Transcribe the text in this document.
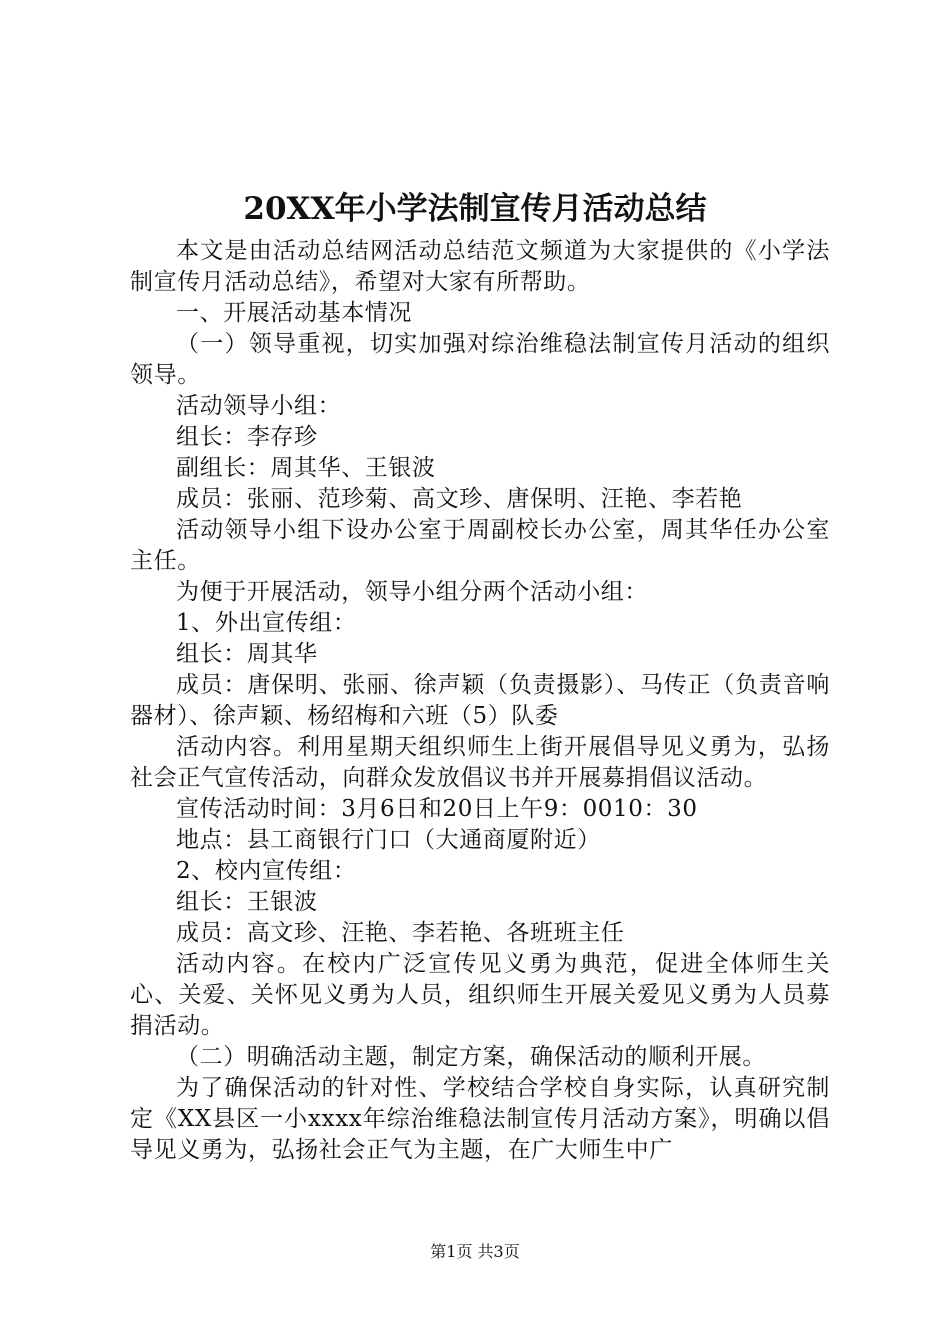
20XX年小学法制宣传月活动总结

本文是由活动总结网活动总结范文频道为大家提供的《小学法制宣传月活动总结》，希望对大家有所帮助。

一、开展活动基本情况

（一）领导重视，切实加强对综治维稳法制宣传月活动的组织领导。

活动领导小组：

组长：李存珍

副组长：周其华、王银波

成员：张丽、范珍菊、高文珍、唐保明、汪艳、李若艳

活动领导小组下设办公室于周副校长办公室，周其华任办公室主任。

为便于开展活动，领导小组分两个活动小组：

1、外出宣传组：

组长：周其华

成员：唐保明、张丽、徐声颖（负责摄影）、马传正（负责音响器材）、徐声颖、杨绍梅和六班（5）队委

活动内容。利用星期天组织师生上街开展倡导见义勇为，弘扬社会正气宣传活动，向群众发放倡议书并开展募捐倡议活动。

宣传活动时间：3月6日和20日上午9：0010：30

地点：县工商银行门口（大通商厦附近）

2、校内宣传组：

组长：王银波

成员：高文珍、汪艳、李若艳、各班班主任

活动内容。在校内广泛宣传见义勇为典范，促进全体师生关心、关爱、关怀见义勇为人员，组织师生开展关爱见义勇为人员募捐活动。

（二）明确活动主题，制定方案，确保活动的顺利开展。

为了确保活动的针对性、学校结合学校自身实际，认真研究制定《XX县区一小xxxx年综治维稳法制宣传月活动方案》，明确以倡导见义勇为，弘扬社会正气为主题，在广大师生中广

第1页 共3页
